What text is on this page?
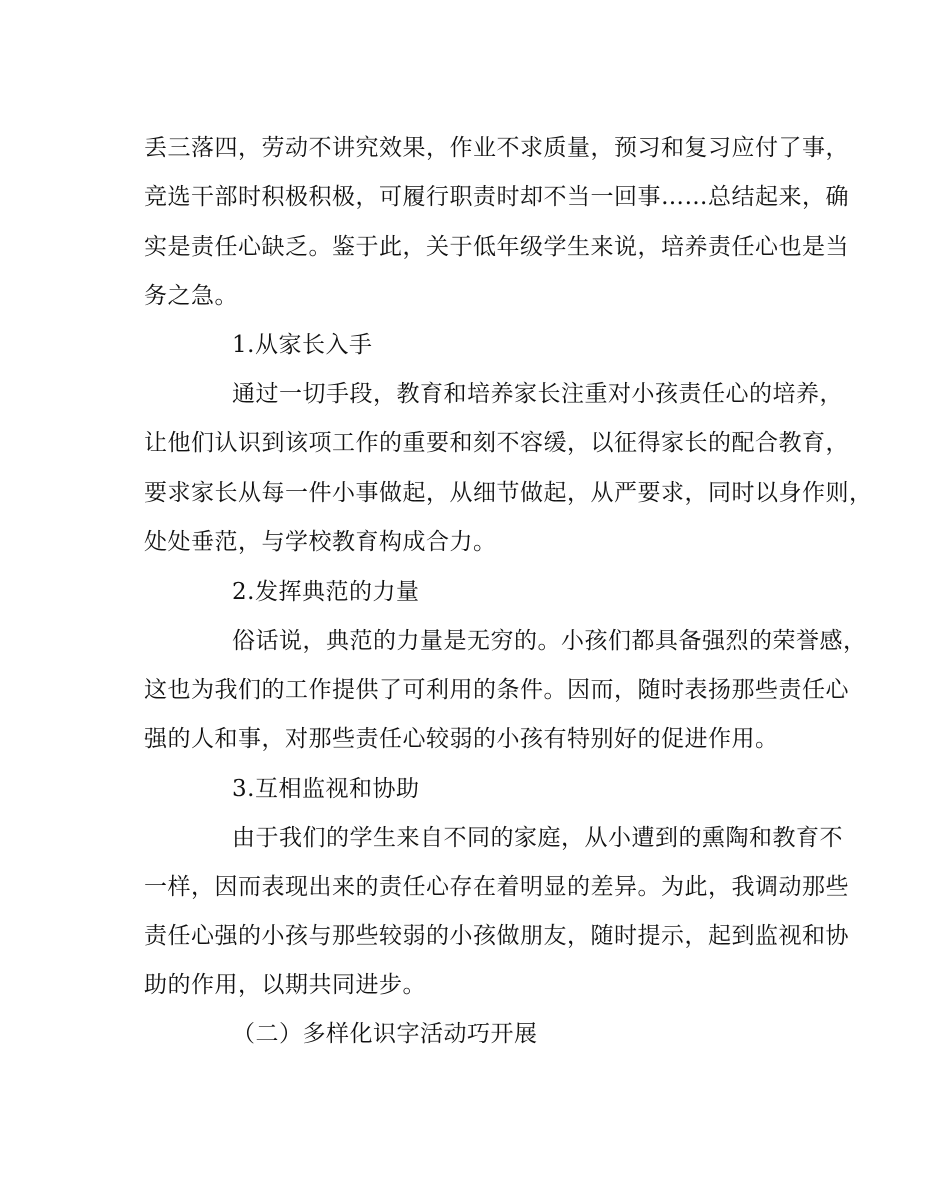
丢三落四，劳动不讲究效果，作业不求质量，预习和复习应付了事，
竞选干部时积极积极，可履行职责时却不当一回事……总结起来，确
实是责任心缺乏。鉴于此，关于低年级学生来说，培养责任心也是当
务之急。
1.从家长入手
通过一切手段，教育和培养家长注重对小孩责任心的培养，
让他们认识到该项工作的重要和刻不容缓，以征得家长的配合教育，
要求家长从每一件小事做起，从细节做起，从严要求，同时以身作则，
处处垂范，与学校教育构成合力。
2.发挥典范的力量
俗话说，典范的力量是无穷的。小孩们都具备强烈的荣誉感，
这也为我们的工作提供了可利用的条件。因而，随时表扬那些责任心
强的人和事，对那些责任心较弱的小孩有特别好的促进作用。
3.互相监视和协助
由于我们的学生来自不同的家庭，从小遭到的熏陶和教育不
一样，因而表现出来的责任心存在着明显的差异。为此，我调动那些
责任心强的小孩与那些较弱的小孩做朋友，随时提示，起到监视和协
助的作用，以期共同进步。
（二）多样化识字活动巧开展
